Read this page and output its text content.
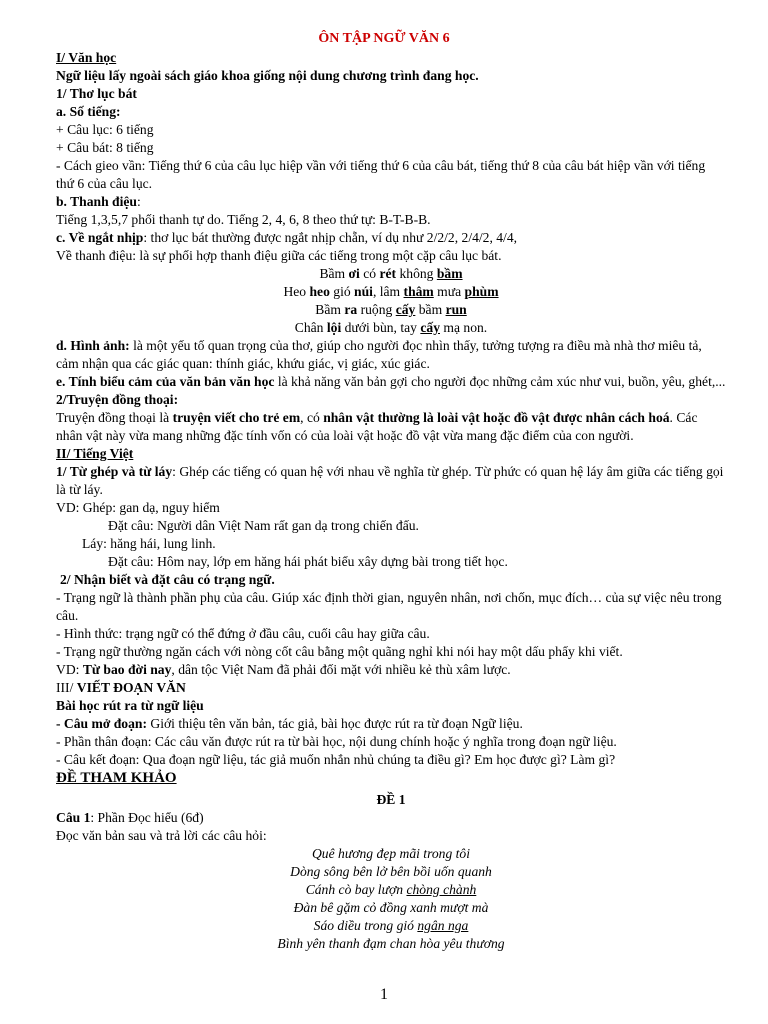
ÔN TẬP NGỮ VĂN 6

I/ Văn học

Ngữ liệu lấy ngoài sách giáo khoa giống nội dung chương trình đang học.

1/ Thơ lục bát

a. Số tiếng:

+ Câu lục: 6 tiếng

+ Câu bát: 8 tiếng

- Cách gieo vần: Tiếng thứ 6 của câu lục hiệp vần với tiếng thứ 6 của câu bát, tiếng thứ 8 của câu bát hiệp vần với tiếng thứ 6 của câu lục.

b. Thanh điệu:

Tiếng 1,3,5,7 phối thanh tự do. Tiếng 2, 4, 6, 8 theo thứ tự: B-T-B-B.

c. Về ngắt nhịp: thơ lục bát thường được ngắt nhịp chẵn, ví dụ như 2/2/2, 2/4/2, 4/4,

Về thanh điệu: là sự phối hợp thanh điệu giữa các tiếng trong một cặp câu lục bát.

Bầm ơi có rét không bầm

Heo heo gió núi, lâm thâm mưa phùm

Bầm ra ruộng cấy bầm run

Chân lội dưới bùn, tay cấy mạ non.

d. Hình ảnh: là một yếu tố quan trọng của thơ, giúp cho người đọc nhìn thấy, tưởng tượng ra điều mà nhà thơ miêu tả, cảm nhận qua các giác quan: thính giác, khứu giác, vị giác, xúc giác.

e. Tính biểu cảm của văn bản văn học là khả năng văn bản gợi cho người đọc những cảm xúc như vui, buồn, yêu, ghét,...

2/Truyện đồng thoại:

Truyện đồng thoại là truyện viết cho trẻ em, có nhân vật thường là loài vật hoặc đồ vật được nhân cách hoá. Các nhân vật này vừa mang những đặc tính vốn có của loài vật hoặc đồ vật vừa mang đặc điểm của con người.

II/ Tiếng Việt

1/ Từ ghép và từ láy: Ghép các tiếng có quan hệ với nhau về nghĩa từ ghép. Từ phức có quan hệ láy âm giữa các tiếng gọi là từ láy.

VD: Ghép: gan dạ, nguy hiểm

Đặt câu: Người dân Việt Nam rất gan dạ trong chiến đấu.

Láy: hăng hái, lung linh.

Đặt câu: Hôm nay, lớp em hăng hái phát biểu xây dựng bài trong tiết học.

2/ Nhận biết và đặt câu có trạng ngữ.

- Trạng ngữ là thành phần phụ của câu. Giúp xác định thời gian, nguyên nhân, nơi chốn, mục đích… của sự việc nêu trong câu.

- Hình thức: trạng ngữ có thể đứng ở đầu câu, cuối câu hay giữa câu.

- Trạng ngữ thường ngăn cách với nòng cốt câu bằng một quãng nghỉ khi nói hay một dấu phẩy khi viết.

VD: Từ bao đời nay, dân tộc Việt Nam đã phải đối mặt với nhiều kẻ thù xâm lược.

III/ VIẾT ĐOẠN VĂN

Bài học rút ra từ ngữ liệu

- Câu mở đoạn: Giới thiệu tên văn bản, tác giả, bài học được rút ra từ đoạn Ngữ liệu.

- Phần thân đoạn: Các câu văn được rút ra từ bài học, nội dung chính hoặc ý nghĩa trong đoạn ngữ liệu.

- Câu kết đoạn: Qua đoạn ngữ liệu, tác giả muốn nhắn nhủ chúng ta điều gì? Em học được gì? Làm gì?

ĐỀ THAM KHẢO

ĐỀ 1

Câu 1: Phần Đọc hiểu (6đ)

Đọc văn bản sau và trả lời các câu hỏi:

Quê hương đẹp mãi trong tôi

Dòng sông bên lở bên bồi uốn quanh

Cánh cò bay lượn chòng chành

Đàn bê gặm cỏ đồng xanh mượt mà

Sáo diều trong gió ngân nga

Bình yên thanh đạm chan hòa yêu thương

1
